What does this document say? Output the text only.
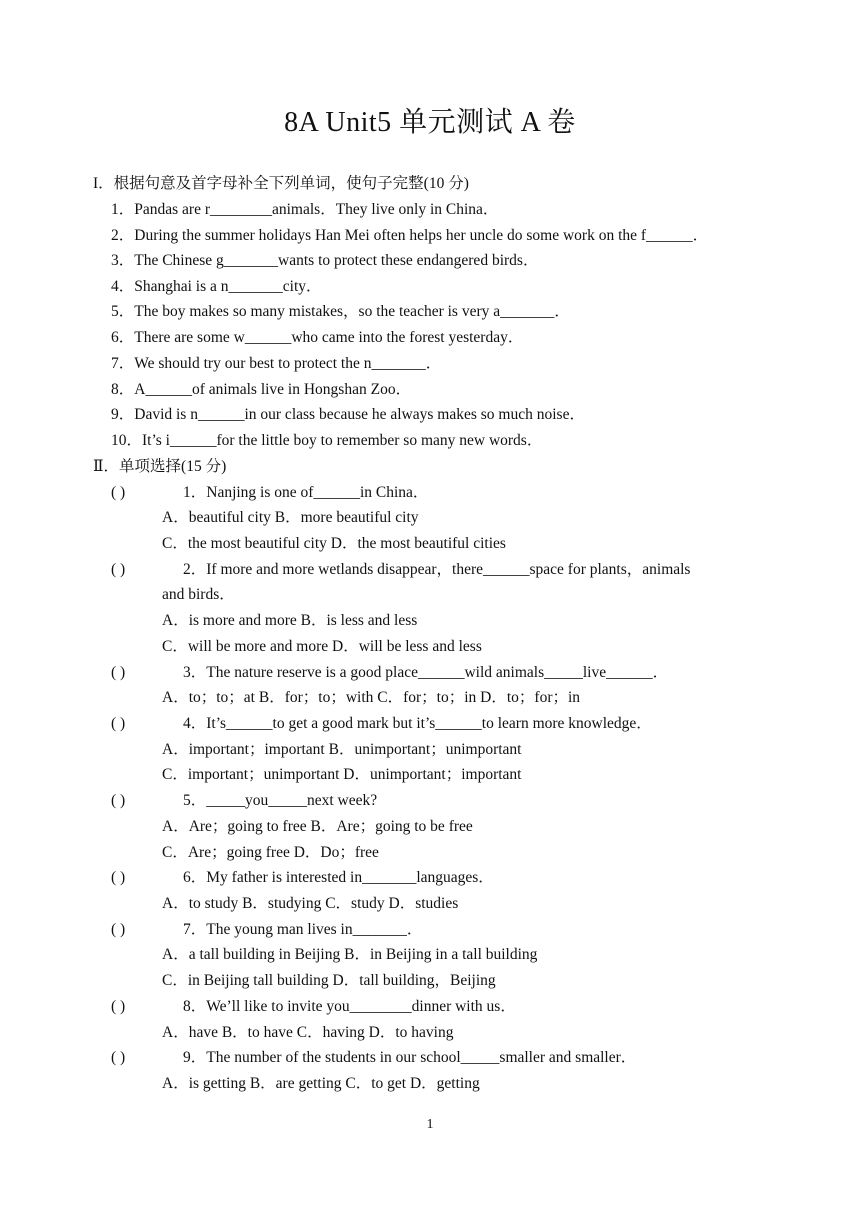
8A Unit5 单元测试 A 卷
I．根据句意及首字母补全下列单词，使句子完整(10 分)
1．Pandas are r________animals．They live only in China．
2．During the summer holidays Han Mei often helps her uncle do some work on the f______．
3．The Chinese g_______wants to protect these endangered birds．
4．Shanghai is a n_______city．
5．The boy makes so many mistakes，so the teacher is very a_______．
6．There are some w______who came into the forest yesterday．
7．We should try our best to protect the n_______．
8．A______of animals live in Hongshan Zoo．
9．David is n______in our class because he always makes so much noise．
10．It’s i______for the little boy to remember so many new words．
Ⅱ．单项选择(15 分)
( )	1．Nanjing is one of______in China．
A．beautiful city B．more beautiful city
C．the most beautiful city D．the most beautiful cities
( )	2．If more and more wetlands disappear，there______space for plants，animals
and birds．
A．is more and more B．is less and less
C．will be more and more D．will be less and less
( )	3．The nature reserve is a good place______wild animals_____live______．
A．to；to；at B．for；to；with C．for；to；in D．to；for；in
( )	4．It’s______to get a good mark but it’s______to learn more knowledge．
A．important；important B．unimportant；unimportant
C．important；unimportant D．unimportant；important
( )	5．_____you_____next week?
A．Are；going to free B．Are；going to be free
C．Are；going free D．Do；free
( )	6．My father is interested in_______languages．
A．to study B．studying C．study D．studies
( )	7．The young man lives in_______．
A．a tall building in Beijing B．in Beijing in a tall building
C．in Beijing tall building D．tall building，Beijing
( )	8．We’ll like to invite you________dinner with us．
A．have B．to have C．having D．to having
( )	9．The number of the students in our school_____smaller and smaller．
A．is getting B．are getting C．to get D．getting
1
